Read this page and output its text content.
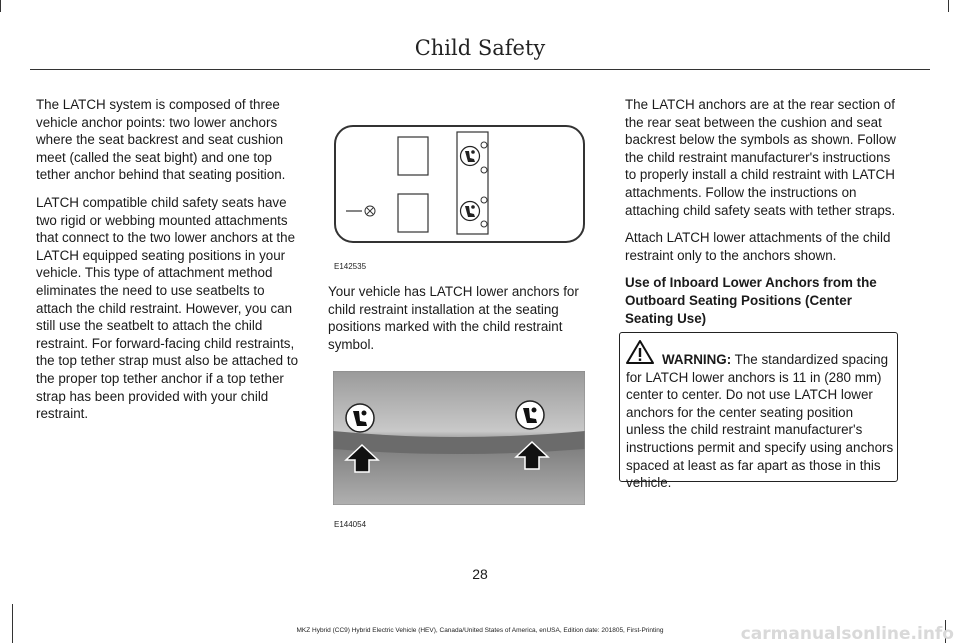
Child Safety

The LATCH system is composed of three vehicle anchor points: two lower anchors where the seat backrest and seat cushion meet (called the seat bight) and one top tether anchor behind that seating position.

LATCH compatible child safety seats have two rigid or webbing mounted attachments that connect to the two lower anchors at the LATCH equipped seating positions in your vehicle. This type of attachment method eliminates the need to use seatbelts to attach the child restraint. However, you can still use the seatbelt to attach the child restraint. For forward-facing child restraints, the top tether strap must also be attached to the proper top tether anchor if a top tether strap has been provided with your child restraint.

E142535

Your vehicle has LATCH lower anchors for child restraint installation at the seating positions marked with the child restraint symbol.

E144054

The LATCH anchors are at the rear section of the rear seat between the cushion and seat backrest below the symbols as shown. Follow the child restraint manufacturer's instructions to properly install a child restraint with LATCH attachments. Follow the instructions on attaching child safety seats with tether straps.

Attach LATCH lower attachments of the child restraint only to the anchors shown.

Use of Inboard Lower Anchors from the Outboard Seating Positions (Center Seating Use)

WARNING: The standardized spacing for LATCH lower anchors is 11 in (280 mm) center to center. Do not use LATCH lower anchors for the center seating position unless the child restraint manufacturer's instructions permit and specify using anchors spaced at least as far apart as those in this vehicle.
28
MKZ Hybrid (CC9) Hybrid Electric Vehicle (HEV), Canada/United States of America, enUSA, Edition date: 201805, First-Printing	carmanualsonline.info
